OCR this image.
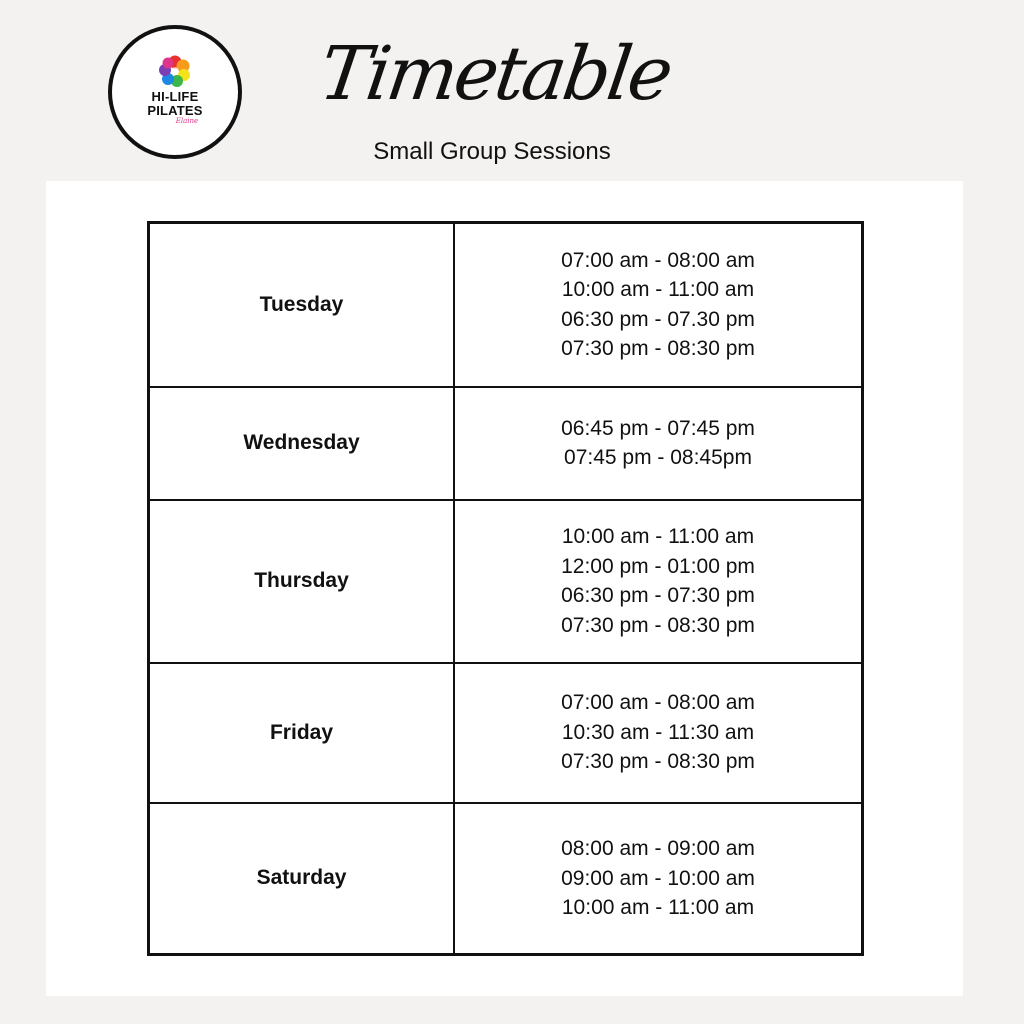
HI-LIFE
PILATES
Elaine
Timetable
Small Group Sessions
Tuesday	07:00 am - 08:00 am
10:00 am - 11:00 am
06:30 pm - 07.30 pm
07:30 pm - 08:30 pm

Wednesday	06:45 pm - 07:45 pm
07:45 pm - 08:45pm

Thursday	10:00 am - 11:00 am
12:00 pm - 01:00 pm
06:30 pm - 07:30 pm
07:30 pm - 08:30 pm

Friday	07:00 am - 08:00 am
10:30 am - 11:30 am
07:30 pm - 08:30 pm

Saturday	08:00 am - 09:00 am
09:00 am - 10:00 am
10:00 am - 11:00 am
